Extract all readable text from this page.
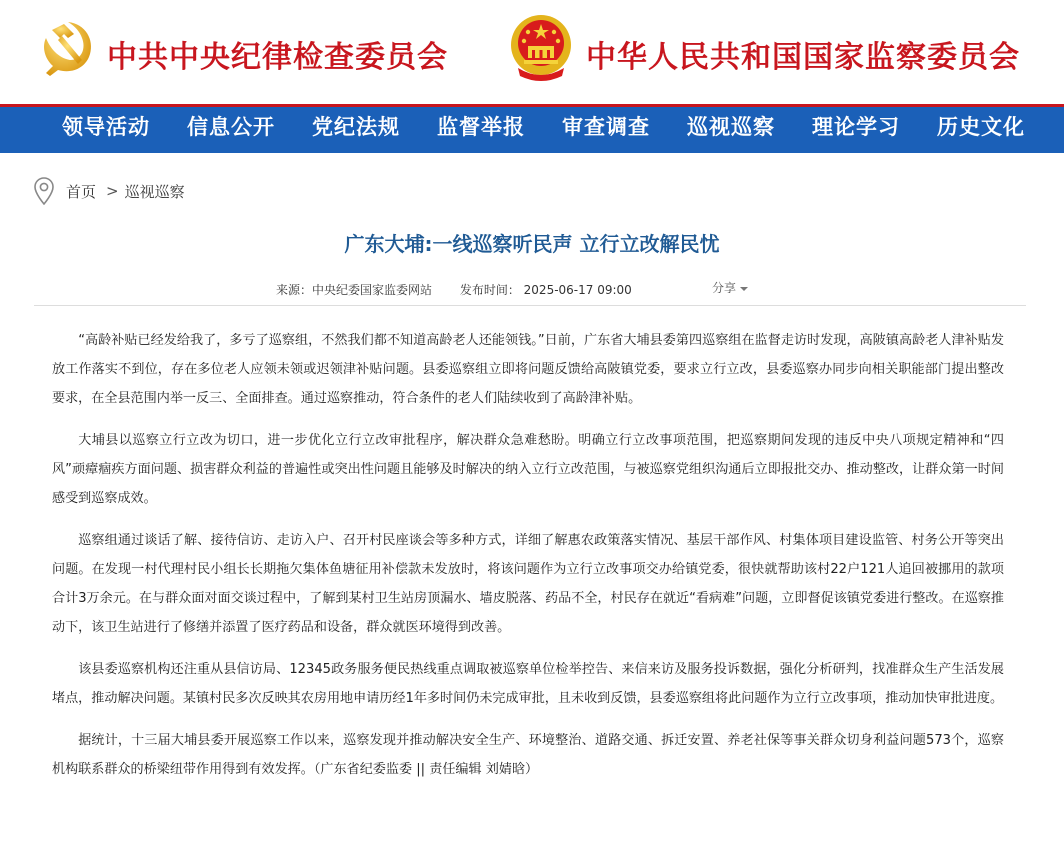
中共中央纪律检查委员会	中华人民共和国国家监察委员会
领导活动 信息公开 党纪法规 监督举报 审查调查 巡视巡察 理论学习 历史文化
首页 > 巡视巡察
广东大埔:一线巡察听民声 立行立改解民忧
来源：中央纪委国家监委网站 发布时间： 2025-06-17 09:00	分享

“高龄补贴已经发给我了，多亏了巡察组，不然我们都不知道高龄老人还能领钱。”日前，广东省大埔县委第四巡察组在监督走访时发现，高陂镇高龄老人津补贴发放工作落实不到位，存在多位老人应领未领或迟领津补贴问题。县委巡察组立即将问题反馈给高陂镇党委，要求立行立改，县委巡察办同步向相关职能部门提出整改要求，在全县范围内举一反三、全面排查。通过巡察推动，符合条件的老人们陆续收到了高龄津补贴。

大埔县以巡察立行立改为切口，进一步优化立行立改审批程序，解决群众急难愁盼。明确立行立改事项范围，把巡察期间发现的违反中央八项规定精神和“四风”顽瘴痼疾方面问题、损害群众利益的普遍性或突出性问题且能够及时解决的纳入立行立改范围，与被巡察党组织沟通后立即报批交办、推动整改，让群众第一时间感受到巡察成效。

巡察组通过谈话了解、接待信访、走访入户、召开村民座谈会等多种方式，详细了解惠农政策落实情况、基层干部作风、村集体项目建设监管、村务公开等突出问题。在发现一村代理村民小组长长期拖欠集体鱼塘征用补偿款未发放时，将该问题作为立行立改事项交办给镇党委，很快就帮助该村22户121人追回被挪用的款项合计3万余元。在与群众面对面交谈过程中，了解到某村卫生站房顶漏水、墙皮脱落、药品不全，村民存在就近“看病难”问题，立即督促该镇党委进行整改。在巡察推动下，该卫生站进行了修缮并添置了医疗药品和设备，群众就医环境得到改善。

该县委巡察机构还注重从县信访局、12345政务服务便民热线重点调取被巡察单位检举控告、来信来访及服务投诉数据，强化分析研判，找准群众生产生活发展堵点，推动解决问题。某镇村民多次反映其农房用地申请历经1年多时间仍未完成审批，且未收到反馈，县委巡察组将此问题作为立行立改事项，推动加快审批进度。

据统计，十三届大埔县委开展巡察工作以来，巡察发现并推动解决安全生产、环境整治、道路交通、拆迁安置、养老社保等事关群众切身利益问题573个，巡察机构联系群众的桥梁纽带作用得到有效发挥。（广东省纪委监委 || 责任编辑 刘婧晗）
